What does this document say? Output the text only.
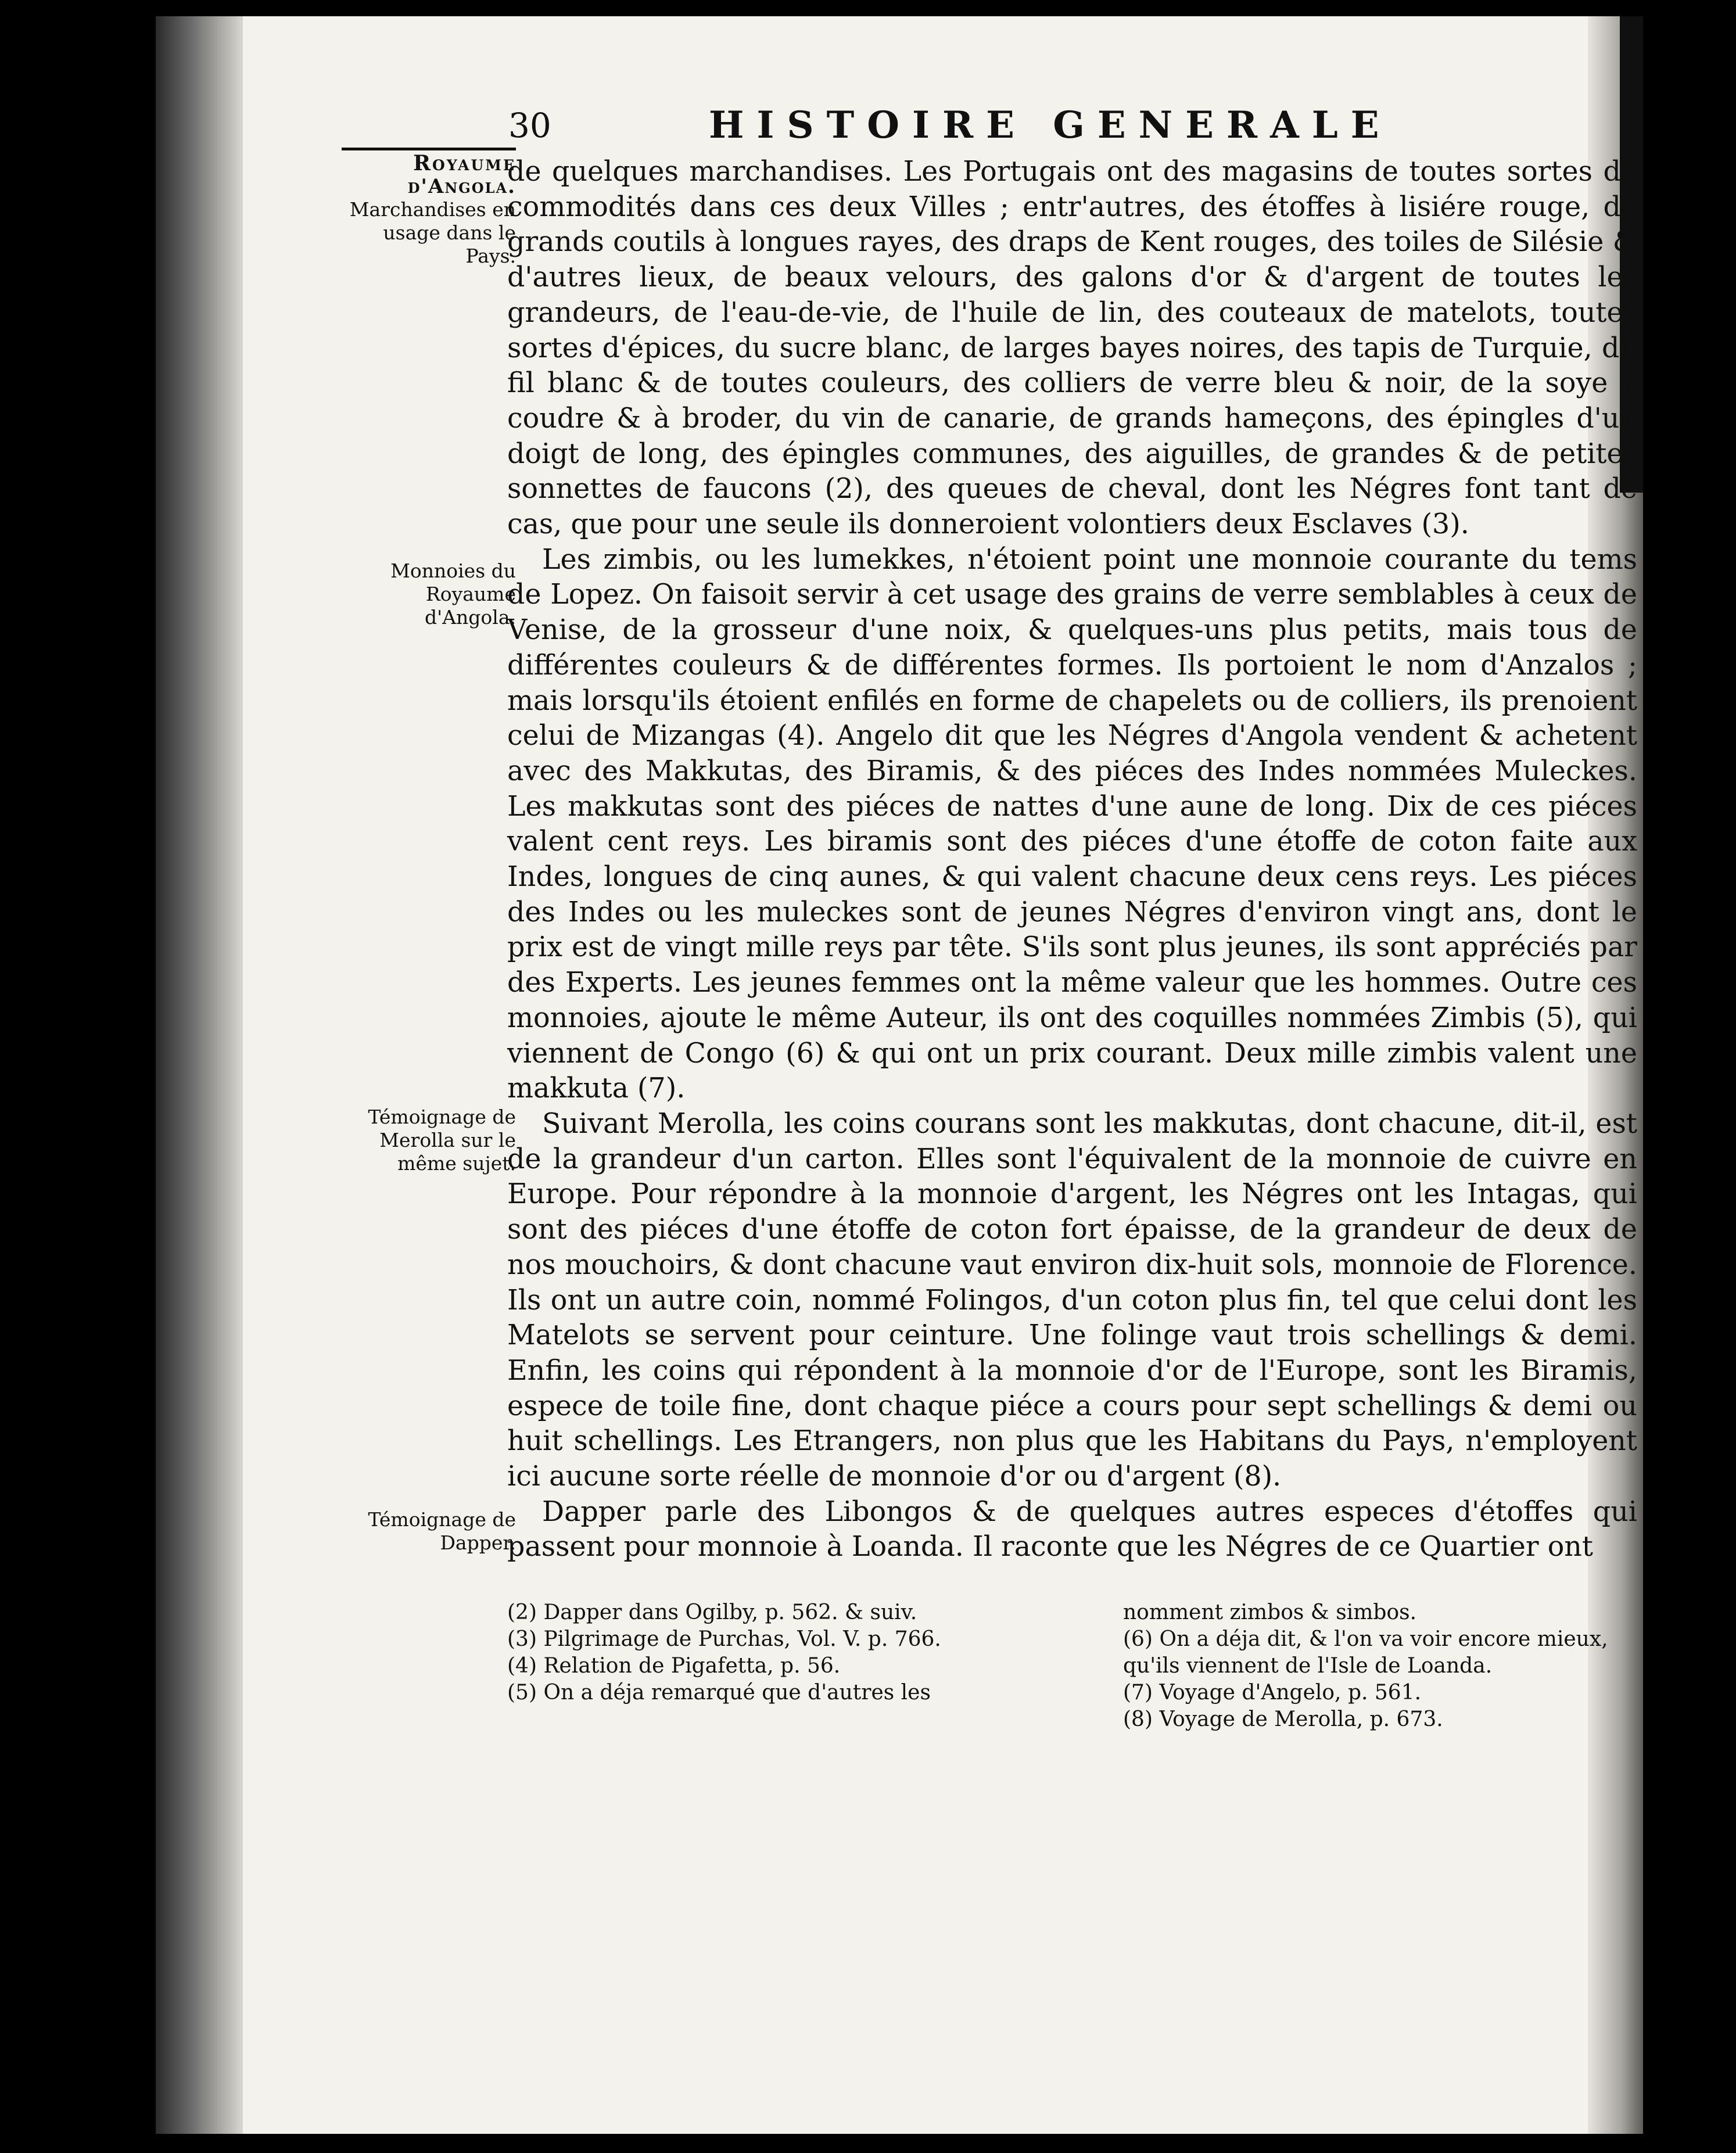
30	HISTOIRE GENERALE
Royaume
d'Angola.
Marchandises en usage dans le Pays.
Monnoies du Royaume d'Angola.
Témoignage de Merolla sur le même sujet.
Témoignage de Dapper.

de quelques marchandises. Les Portugais ont des magasins de toutes sortes de commodités dans ces deux Villes ; entr'autres, des étoffes à lisiére rouge, de grands coutils à longues rayes, des draps de Kent rouges, des toiles de Silésie & d'autres lieux, de beaux velours, des galons d'or & d'argent de toutes les grandeurs, de l'eau-de-vie, de l'huile de lin, des couteaux de matelots, toutes sortes d'épices, du sucre blanc, de larges bayes noires, des tapis de Turquie, du fil blanc & de toutes couleurs, des colliers de verre bleu & noir, de la soye à coudre & à broder, du vin de canarie, de grands hameçons, des épingles d'un doigt de long, des épingles communes, des aiguilles, de grandes & de petites sonnettes de faucons (2), des queues de cheval, dont les Négres font tant de cas, que pour une seule ils donneroient volontiers deux Esclaves (3).

Les zimbis, ou les lumekkes, n'étoient point une monnoie courante du tems de Lopez. On faisoit servir à cet usage des grains de verre semblables à ceux de Venise, de la grosseur d'une noix, & quelques-uns plus petits, mais tous de différentes couleurs & de différentes formes. Ils portoient le nom d'Anzalos ; mais lorsqu'ils étoient enfilés en forme de chapelets ou de colliers, ils prenoient celui de Mizangas (4). Angelo dit que les Négres d'Angola vendent & achetent avec des Makkutas, des Biramis, & des piéces des Indes nommées Muleckes. Les makkutas sont des piéces de nattes d'une aune de long. Dix de ces piéces valent cent reys. Les biramis sont des piéces d'une étoffe de coton faite aux Indes, longues de cinq aunes, & qui valent chacune deux cens reys. Les piéces des Indes ou les muleckes sont de jeunes Négres d'environ vingt ans, dont le prix est de vingt mille reys par tête. S'ils sont plus jeunes, ils sont appréciés par des Experts. Les jeunes femmes ont la même valeur que les hommes. Outre ces monnoies, ajoute le même Auteur, ils ont des coquilles nommées Zimbis (5), qui viennent de Congo (6) & qui ont un prix courant. Deux mille zimbis valent une makkuta (7).

Suivant Merolla, les coins courans sont les makkutas, dont chacune, dit-il, est de la grandeur d'un carton. Elles sont l'équivalent de la monnoie de cuivre en Europe. Pour répondre à la monnoie d'argent, les Négres ont les Intagas, qui sont des piéces d'une étoffe de coton fort épaisse, de la grandeur de deux de nos mouchoirs, & dont chacune vaut environ dix-huit sols, monnoie de Florence. Ils ont un autre coin, nommé Folingos, d'un coton plus fin, tel que celui dont les Matelots se servent pour ceinture. Une folinge vaut trois schellings & demi. Enfin, les coins qui répondent à la monnoie d'or de l'Europe, sont les Biramis, espece de toile fine, dont chaque piéce a cours pour sept schellings & demi ou huit schellings. Les Etrangers, non plus que les Habitans du Pays, n'employent ici aucune sorte réelle de monnoie d'or ou d'argent (8).

Dapper parle des Libongos & de quelques autres especes d'étoffes qui passent pour monnoie à Loanda. Il raconte que les Négres de ce Quartier ont

(2) Dapper dans Ogilby, p. 562. & suiv.

(3) Pilgrimage de Purchas, Vol. V. p. 766.

(4) Relation de Pigafetta, p. 56.

(5) On a déja remarqué que d'autres les

nomment zimbos & simbos.

(6) On a déja dit, & l'on va voir encore mieux, qu'ils viennent de l'Isle de Loanda.

(7) Voyage d'Angelo, p. 561.

(8) Voyage de Merolla, p. 673.
